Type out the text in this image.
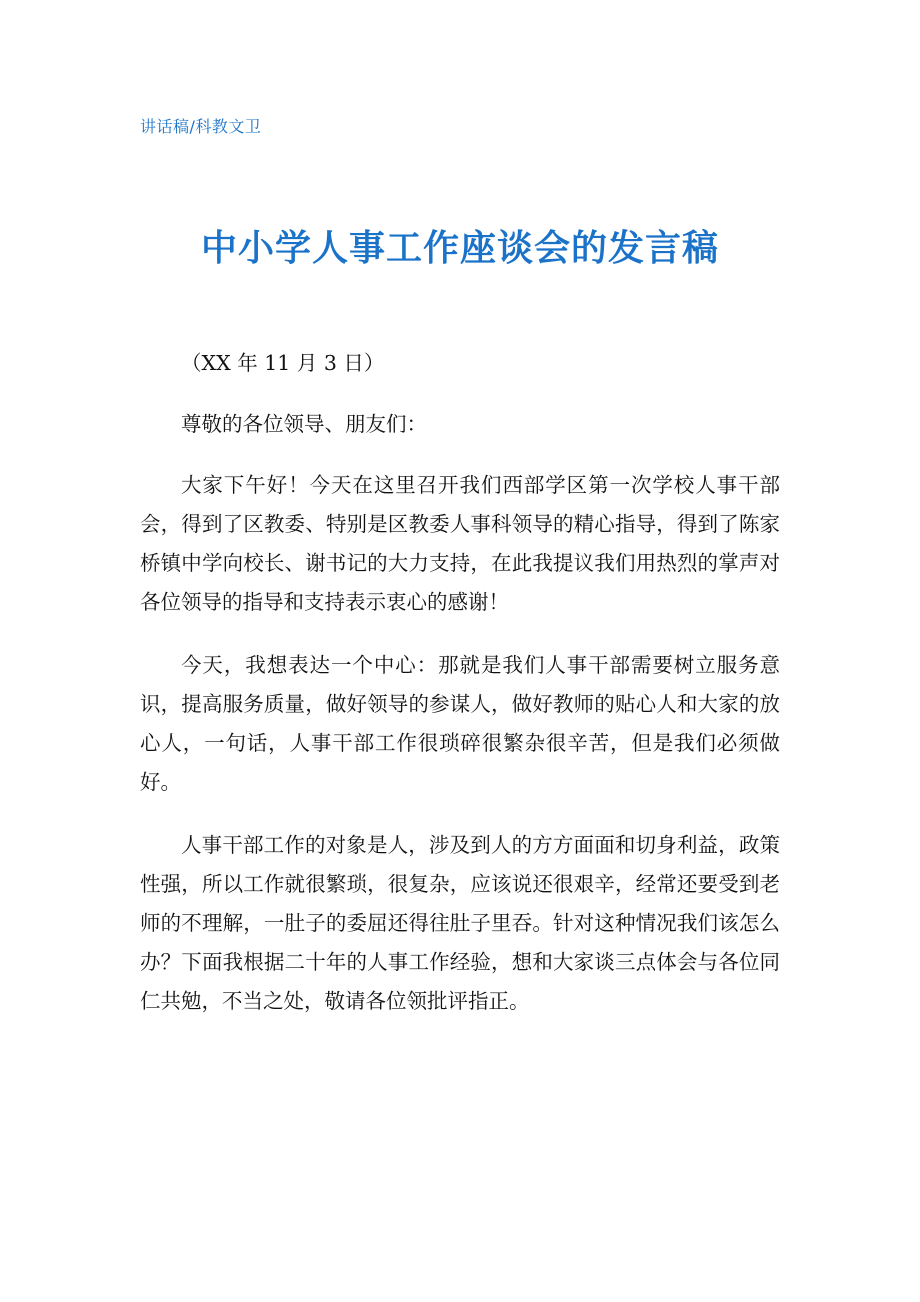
讲话稿/科教文卫
中小学人事工作座谈会的发言稿

（XX 年 11 月 3 日）

尊敬的各位领导、朋友们：

大家下午好！今天在这里召开我们西部学区第一次学校人事干部会，得到了区教委、特别是区教委人事科领导的精心指导，得到了陈家桥镇中学向校长、谢书记的大力支持，在此我提议我们用热烈的掌声对各位领导的指导和支持表示衷心的感谢！

今天，我想表达一个中心：那就是我们人事干部需要树立服务意识，提高服务质量，做好领导的参谋人，做好教师的贴心人和大家的放心人，一句话，人事干部工作很琐碎很繁杂很辛苦，但是我们必须做好。

人事干部工作的对象是人，涉及到人的方方面面和切身利益，政策性强，所以工作就很繁琐，很复杂，应该说还很艰辛，经常还要受到老师的不理解，一肚子的委屈还得往肚子里吞。针对这种情况我们该怎么办？下面我根据二十年的人事工作经验，想和大家谈三点体会与各位同仁共勉，不当之处，敬请各位领批评指正。
